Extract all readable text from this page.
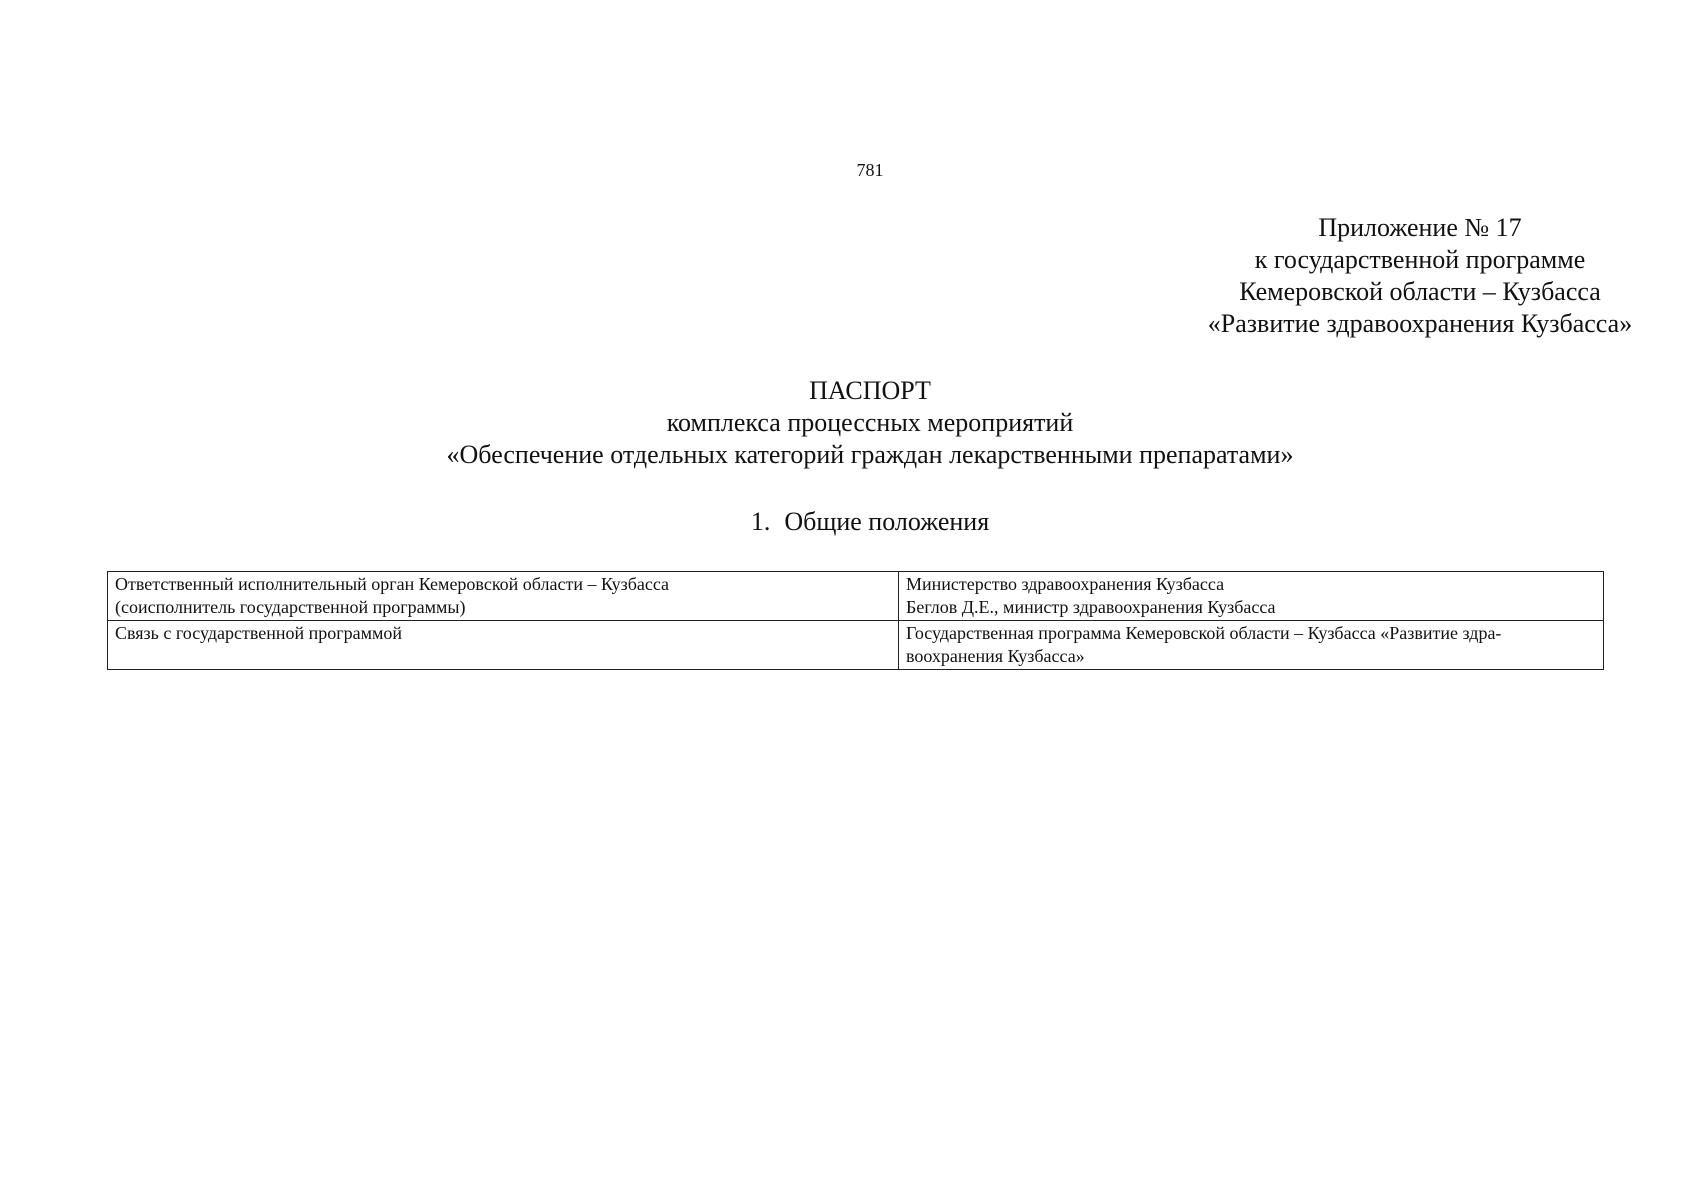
781
Приложение № 17
к государственной программе
Кемеровской области – Кузбасса
«Развитие здравоохранения Кузбасса»
ПАСПОРТ
комплекса процессных мероприятий
«Обеспечение отдельных категорий граждан лекарственными препаратами»
1. Общие положения
Ответственный исполнительный орган Кемеровской области – Кузбасса
(соисполнитель государственной программы)	Министерство здравоохранения Кузбасса
Беглов Д.Е., министр здравоохранения Кузбасса

Связь с государственной программой	Государственная программа Кемеровской области – Кузбасса «Развитие здра-
воохранения Кузбасса»
